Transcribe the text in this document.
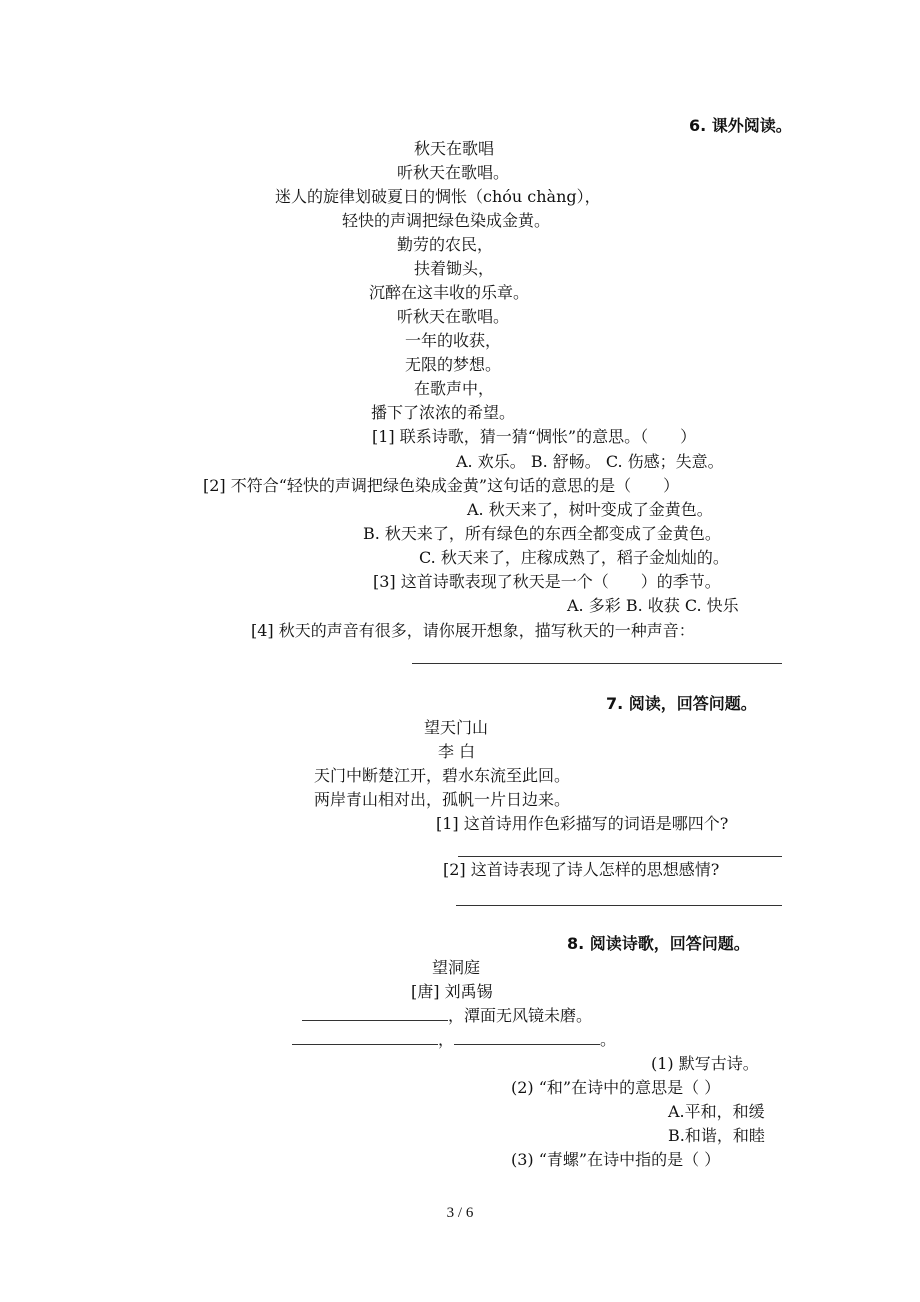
6. 课外阅读。
秋天在歌唱
听秋天在歌唱。
迷人的旋律划破夏日的惆怅（chóu chàng），
轻快的声调把绿色染成金黄。
勤劳的农民，
扶着锄头，
沉醉在这丰收的乐章。
听秋天在歌唱。
一年的收获，
无限的梦想。
在歌声中，
播下了浓浓的希望。
[1] 联系诗歌，猜一猜“惆怅”的意思。（　　）
A. 欢乐。 B. 舒畅。 C. 伤感；失意。
[2] 不符合“轻快的声调把绿色染成金黄”这句话的意思的是（　　）
A. 秋天来了，树叶变成了金黄色。
B. 秋天来了，所有绿色的东西全都变成了金黄色。
C. 秋天来了，庄稼成熟了，稻子金灿灿的。
[3] 这首诗歌表现了秋天是一个（　　）的季节。
A. 多彩 B. 收获 C. 快乐
[4] 秋天的声音有很多，请你展开想象，描写秋天的一种声音：
7. 阅读，回答问题。
望天门山
李 白
天门中断楚江开，碧水东流至此回。
两岸青山相对出，孤帆一片日边来。
[1] 这首诗用作色彩描写的词语是哪四个?
[2] 这首诗表现了诗人怎样的思想感情?
8. 阅读诗歌，回答问题。
望洞庭
[唐] 刘禹锡
，潭面无风镜未磨。
，	。
(1) 默写古诗。
(2) “和”在诗中的意思是（ ）
A.平和，和缓
B.和谐，和睦
(3) “青螺”在诗中指的是（ ）
3 / 6
